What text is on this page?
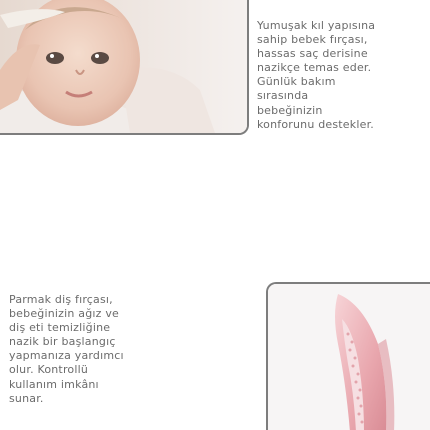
Yumuşak kıl yapısına
sahip bebek fırçası,
hassas saç derisine
nazikçe temas eder.
Günlük bakım
sırasında
bebeğinizin
konforunu destekler.
Parmak diş fırçası,
bebeğinizin ağız ve
diş eti temizliğine
nazik bir başlangıç
yapmanıza yardımcı
olur. Kontrollü
kullanım imkânı
sunar.
